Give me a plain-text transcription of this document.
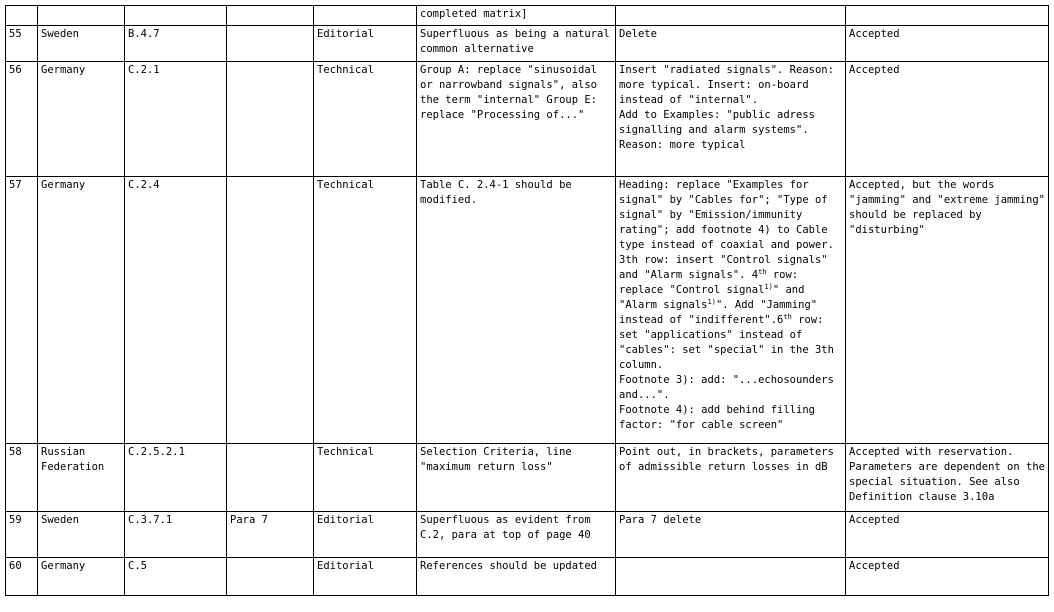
					completed matrix]		
55	Sweden	B.4.7		Editorial	Superfluous as being a natural common alternative	Delete	Accepted
56	Germany	C.2.1		Technical	Group A: replace "sinusoidal or narrowband signals", also the term "internal" Group E: replace "Processing of..."	Insert "radiated signals". Reason: more typical. Insert: on-board instead of "internal".
Add to Examples: "public adress signalling and alarm systems".
Reason: more typical	Accepted
57	Germany	C.2.4		Technical	Table C. 2.4-1 should be modified.	Heading: replace "Examples for signal" by "Cables for"; "Type of signal" by "Emission/immunity rating"; add footnote 4) to Cable type instead of coaxial and power. 3th row: insert "Control signals" and "Alarm signals". 4th row: replace "Control signal$^{1)}$" and "Alarm signals$^{1)}$". Add "Jamming" instead of "indifferent".6th row: set "applications" instead of "cables": set "special" in the 3th column.
Footnote 3): add: "...echosounders and...".
Footnote 4): add behind filling factor: "for cable screen"	Accepted, but the words "jamming" and "extreme jamming" should be replaced by "disturbing"
58	Russian Federation	C.2.5.2.1		Technical	Selection Criteria, line "maximum return loss"	Point out, in brackets, parameters of admissible return losses in dB	Accepted with reservation. Parameters are dependent on the special situation. See also Definition clause 3.10a
59	Sweden	C.3.7.1	Para 7	Editorial	Superfluous as evident from C.2, para at top of page 40	Para 7 delete	Accepted
60	Germany	C.5		Editorial	References should be updated		Accepted
